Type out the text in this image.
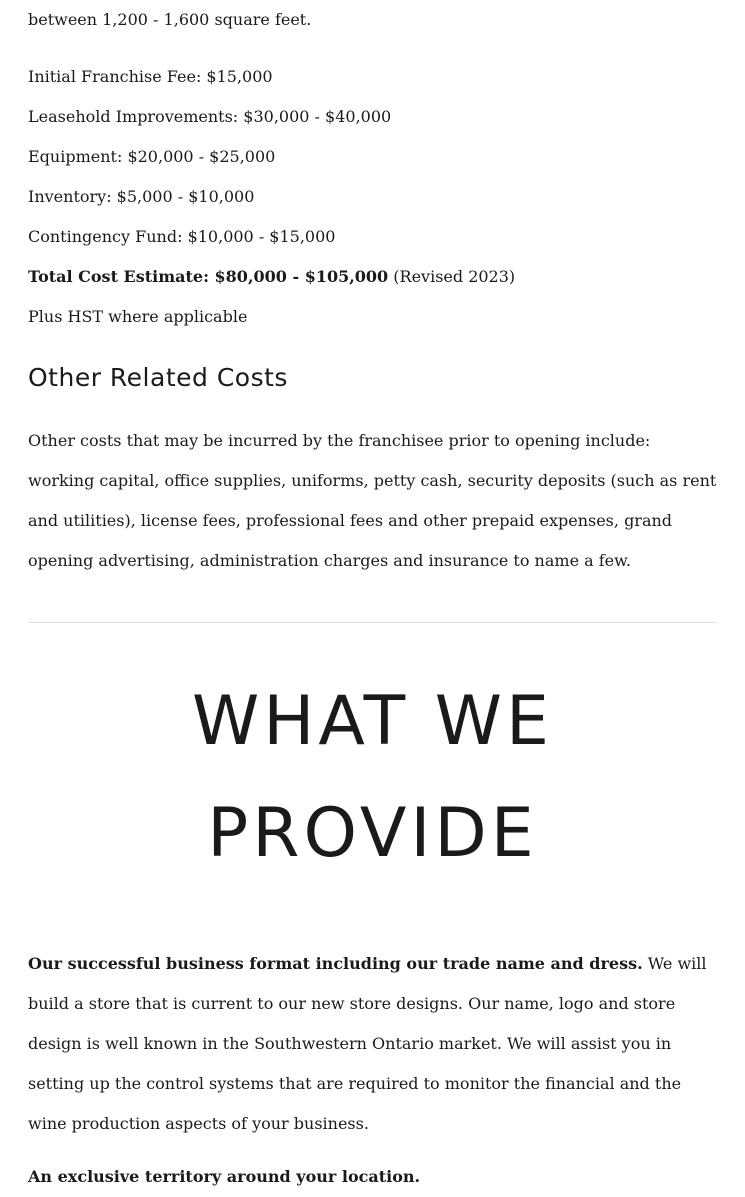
between 1,200 - 1,600 square feet.

Initial Franchise Fee: $15,000

Leasehold Improvements: $30,000 - $40,000

Equipment: $20,000 - $25,000

Inventory: $5,000 - $10,000

Contingency Fund: $10,000 - $15,000

Total Cost Estimate: $80,000 - $105,000 (Revised 2023)

Plus HST where applicable

Other Related Costs

Other costs that may be incurred by the franchisee prior to opening include: working capital, office supplies, uniforms, petty cash, security deposits (such as rent and utilities), license fees, professional fees and other prepaid expenses, grand opening advertising, administration charges and insurance to name a few.

WHAT WE
PROVIDE

Our successful business format including our trade name and dress. We will build a store that is current to our new store designs. Our name, logo and store design is well known in the Southwestern Ontario market. We will assist you in setting up the control systems that are required to monitor the financial and the wine production aspects of your business.

An exclusive territory around your location.
